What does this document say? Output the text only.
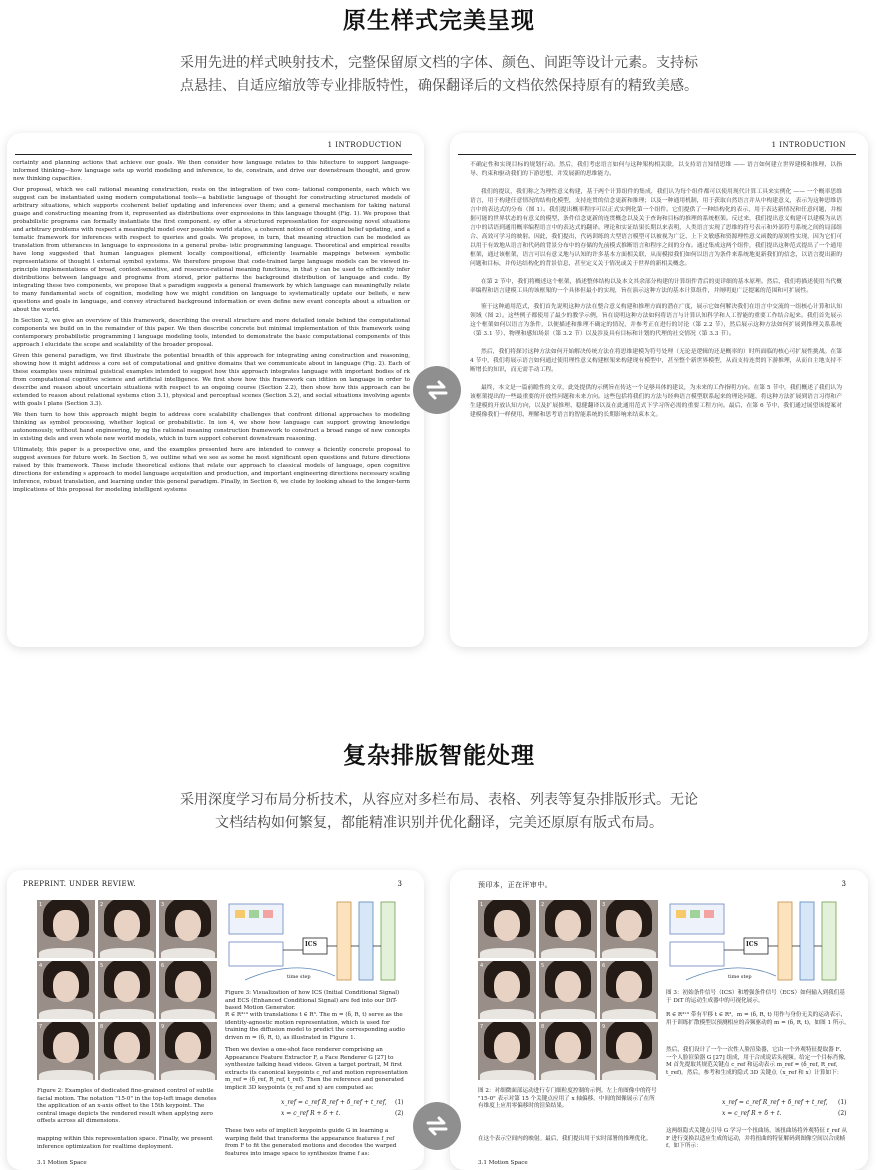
原生样式完美呈现
采用先进的样式映射技术，完整保留原文档的字体、颜色、间距等设计元素。支持标
点悬挂、自适应缩放等专业排版特性，确保翻译后的文档依然保持原有的精致美感。
1 INTRODUCTION

certainty and planning actions that achieve our goals. We then consider how language relates to this hitecture to support language-informed thinking—how language sets up world modeling and inference, to de, constrain, and drive our downstream thought, and grow new thinking capacities.

Our proposal, which we call rational meaning construction, rests on the integration of two com- tational components, each which we suggest can be instantiated using modern computational tools—a babilistic language of thought for constructing structured models of arbitrary situations, which supports ccoherent belief updating and inferences over them; and a general mechanism for taking natural guage and constructing meaning from it, represented as distributions over expressions in this language thought (Fig. 1). We propose that probabilistic programs can formally instantiate the first component. ey offer a structured representation for expressing novel situations and arbitrary problems with respect a meaningful model over possible world states, a coherent notion of conditional belief updating, and a tematic framework for inferences with respect to queries and goals. We propose, in turn, that meaning struction can be modeled as translation from utterances in language to expressions in a general proba- istic programming language. Theoretical and empirical results have long suggested that human languages plement locally compositional, efficiently learnable mappings between symbolic representations of thought l external symbol systems. We therefore propose that code-trained large language models can be viewed in-principle implementations of broad, context-sensitive, and resource-rational meaning functions, in that y can be used to efficiently infer distributions between language and programs from stored, prior patterns the background distribution of language and code. By integrating these two components, we propose that s paradigm suggests a general framework by which language can meaningfully relate to many fundamental sects of cognition, modeling how we might condition on language to systematically update our beliefs, e new questions and goals in language, and convey structured background information or even define new evant concepts about a situation or about the world.

In Section 2, we give an overview of this framework, describing the overall structure and more detailed ionale behind the computational components we build on in the remainder of this paper. We then describe concrete but minimal implementation of this framework using contemporary probabilistic programming l language modeling tools, intended to demonstrate the basic computational components of this approach l elucidate the scope and scalability of the broader proposal.

Given this general paradigm, we first illustrate the potential breadth of this approach for integrating aning construction and reasoning, showing how it might address a core set of computational and gnitive domains that we communicate about in language (Fig. 2). Each of these examples uses minimal guistical examples intended to suggest how this approach integrates language with important bodies of rk from computational cognitive science and artificial intelligence. We first show how this framework can idition on language in order to describe and reason about uncertain situations with respect to an ongoing course (Section 2.2), then show how this approach can be extended to reason about relational systems ction 3.1), physical and perceptual scenes (Section 3.2), and social situations involving agents with goals l plans (Section 3.3).

We then turn to how this approach might begin to address core scalability challenges that confront ditional approaches to modeling thinking as symbol processing, whether logical or probabilistic. In ion 4, we show how language can support growing knowledge autonomously, without hand engineering, by ng the rational meaning construction framework to construct a broad range of new concepts in existing dels and even whole new world models, which in turn support coherent downstream reasoning.

Ultimately, this paper is a prospective one, and the examples presented here are intended to convey a ficiently concrete proposal to suggest avenues for future work. In Section 5, we outline what we see as some he most significant open questions and future directions raised by this framework. These include theoretical estions that relate our approach to classical models of language, open cognitive directions for extending s approach to model language acquisition and production, and important engineering directions necessary scaling inference, robust translation, and learning under this general paradigm. Finally, in Section 6, we clude by looking ahead to the longer-term implications of this proposal for modeling intelligent systems

1 INTRODUCTION

不确定性和实现目标的规划行动。然后，我们考虑语言如何与这种架构相关联，以支持语言知情思维 —— 语言如何建立世界建模和推理，以指导、约束和驱动我们的下游思想，并发展新的思维能力。

我们的提议，我们称之为理性意义构建，基于两个计算组件的集成，我们认为每个组件都可以使用现代计算工具来实例化 —— 一个概率思维语言，用于构建任意情况的结构化模型，支持连贯的信念更新和推理；以及一种通用机制，用于获取自然语言并从中构建意义，表示为这种思维语言中的表达式的分布（图 1）。我们提出概率程序可以正式实例化第一个组件。它们提供了一种结构化的表示，用于表达新情况和任意问题，并根据可能的世界状态的有意义的模型、条件信念更新的连贯概念以及关于查询和目标的推理的系统框架。反过来，我们提出意义构建可以建模为从语言中的话语到通用概率编程语言中的表达式的翻译。理论和实证结果长期以来表明，人类语言实现了思维的符号表示和外部符号系统之间的局部组合、高效可学习的映射。因此，我们提出，代码训练的大型语言模型可以被视为广泛、上下文敏感和资源理性意义函数的原则性实现，因为它们可以用于有效地从语言和代码的背景分布中的存储的先前模式推断语言和程序之间的分布。通过集成这两个组件，我们提出这种范式提出了一个通用框架，通过该框架，语言可以有意义地与认知的许多基本方面相关联，从而模拟我们如何以语言为条件来系统地更新我们的信念，以语言提出新的问题和目标，并传达结构化的背景信息，甚至定义关于情况或关于世界的新相关概念。

在第 2 节中，我们将概述这个框架，描述整体结构以及本文其余部分构建的计算组件背后的更详细的基本原理。然后，我们将描述使用当代概率编程和语言建模工具的该框架的一个具体但最小的实现，旨在演示这种方法的基本计算组件，并阐明更广泛提案的范围和可扩展性。

鉴于这种通用范式，我们首先说明这种方法在整合意义构建和推理方面的潜在广度，展示它如何解决我们在语言中交流的一组核心计算和认知领域（图 2）。这些例子都使用了最少的教学示例，旨在说明这种方法如何将语言与计算认知科学和人工智能的重要工作结合起来。我们首先展示这个框架如何以语言为条件，以便描述和推理不确定的情况，并参考正在进行的讨论（第 2.2 节），然后展示这种方法如何扩展到推理关系系统（第 3.1 节）、物理和感知场景（第 3.2 节）以及涉及具有目标和计划的代理的社交情况（第 3.3 节）。

然后，我们将探讨这种方法如何开始解决传统方法在将思维建模为符号处理（无论是逻辑的还是概率的）时所面临的核心可扩展性挑战。在第 4 节中，我们将展示语言如何通过使用理性意义构建框架来构建现有模型中，甚至整个新世界模型，从而支持连贯的下游推理，从而自主地支持不断增长的知识，而无需手动工程。

最终，本文是一篇前瞻性的文章，此处提供的示例旨在传达一个足够具体的建议，为未来的工作指明方向。在第 5 节中，我们概述了我们认为该框架提出的一些最重要的开放性问题和未来方向。这些包括将我们的方法与经典语言模型联系起来的理论问题、将这种方法扩展到语言习得和产生建模的开放认知方向，以及扩展推理、稳健翻译以及在此通用范式下学习所必需的重要工程方向。最后，在第 6 节中，我们通过展望该提案对建模像我们一样便用、理解和思考语言的智能系统的长期影响来结束本文。

复杂排版智能处理
采用深度学习布局分析技术，从容应对多栏布局、表格、列表等复杂排版形式。无论
文档结构如何繁复，都能精准识别并优化翻译，完美还原原有版式布局。
PREPRINT. UNDER REVIEW.	3
1	2	3
4	5	6
7	8	9
Figure 2: Examples of dedicated fine-grained control of subtle facial motion. The notation "15-0" in the top-left image denotes the application of an x-axis offset to the 15th keypoint. The central image depicts the rendered result when applying zero offsets across all dimensions.
mapping within this representation space. Finally, we present inference optimization for realtime deployment.
3.1 Motion Space
ICS
time step
Figure 3: Visualization of how ICS (Initial Conditional Signal) and ECS (Enhanced Conditional Signal) are fed into our DiT-based Motion Generator.
R ∈ R³ˣ³ with translations t ∈ R³. The m = (δ, R, t) serve as the identity-agnostic motion representation, which is used for training the diffusion model to predict the corresponding audio driven m = (δ, R, t), as illustrated in Figure 1.
Then we devise a one-shot face renderer comprising an Appearance Feature Extractor F, a Face Renderer G [27] to synthesize talking head videos. Given a target portrait, M first extracts its canonical keypoints c_ref and motion representation m_ref = (δ_ref, R_ref, t_ref). Then the reference and generated implicit 3D keypoints (x_ref and x) are computed as:
x_ref = c_ref R_ref + δ_ref + t_ref, (1)
x = c_ref R + δ + t.	(2)
These two sets of implicit keypoints guide G in learning a warping field that transforms the appearance features f_ref from F to fit the generated motions and decodes the warped features into image space to synthesize frame f as:
预印本，正在评审中。	3
1	2	3
4	5	6
7	8	9
图 2：对细微面部运动进行专门细粒度控制的示例。左上角图像中的符号 "15-0" 表示对第 15 个关键点应用了 x 轴偏移。中间的图像展示了在所有维度上应用零偏移时的渲染结果。
在这个表示空间内的映射。最后，我们提出用于实时部署的推理优化。
3.1 Motion Space
ICS
time step
图 3：初始条件信号（ICS）和增强条件信号（ECS）如何输入到我们基于 DiT 的运动生成器中的可视化展示。
R ∈ R³ˣ³ 带有平移 t ∈ R³。m = (δ, R, t) 用作与身份无关的运动表示，用于训练扩散模型以预测相应的音频驱动的 m = (δ, R, t)，如图 1 所示。
然后，我们设计了一个一次性人脸渲染器，它由一个外观特征提取器 F、一个人脸渲染器 G [27] 组成，用于合成说话头视频。给定一个目标肖像，M 首先提取其规范关键点 c_ref 和运动表示 m_ref = (δ_ref, R_ref, t_ref)。然后，参考和生成的隐式 3D 关键点（x_ref 和 x）计算如下：
x_ref = c_ref R_ref + δ_ref + t_ref, (1)
x = c_ref R + δ + t.	(2)
这两组隐式关键点引导 G 学习一个扭曲场，该扭曲场将外观特征 f_ref 从 F 进行变换以适应生成的运动，并将扭曲的特征解码到图像空间以合成帧 f，如下所示：
